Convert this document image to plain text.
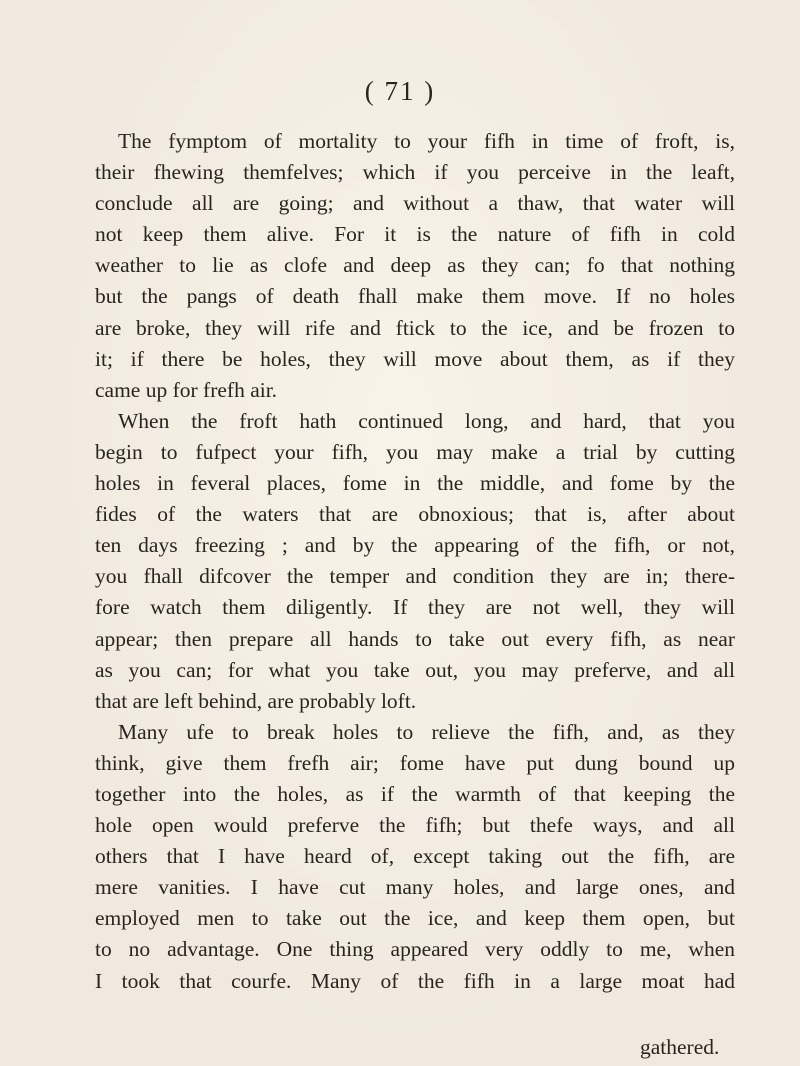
( 71 )
The fymptom of mortality to your fifh in time of froft, is,
their fhewing themfelves; which if you perceive in the leaft,
conclude all are going; and without a thaw, that water will
not keep them alive. For it is the nature of fifh in cold
weather to lie as clofe and deep as they can; fo that nothing
but the pangs of death fhall make them move. If no holes
are broke, they will rife and ftick to the ice, and be frozen to
it; if there be holes, they will move about them, as if they
came up for frefh air.
When the froft hath continued long, and hard, that you
begin to fufpect your fifh, you may make a trial by cutting
holes in feveral places, fome in the middle, and fome by the
fides of the waters that are obnoxious; that is, after about
ten days freezing ; and by the appearing of the fifh, or not,
you fhall difcover the temper and condition they are in; there-
fore watch them diligently. If they are not well, they will
appear; then prepare all hands to take out every fifh, as near
as you can; for what you take out, you may preferve, and all
that are left behind, are probably loft.
Many ufe to break holes to relieve the fifh, and, as they
think, give them frefh air; fome have put dung bound up
together into the holes, as if the warmth of that keeping the
hole open would preferve the fifh; but thefe ways, and all
others that I have heard of, except taking out the fifh, are
mere vanities. I have cut many holes, and large ones, and
employed men to take out the ice, and keep them open, but
to no advantage. One thing appeared very oddly to me, when
I took that courfe. Many of the fifh in a large moat had
gathered.
